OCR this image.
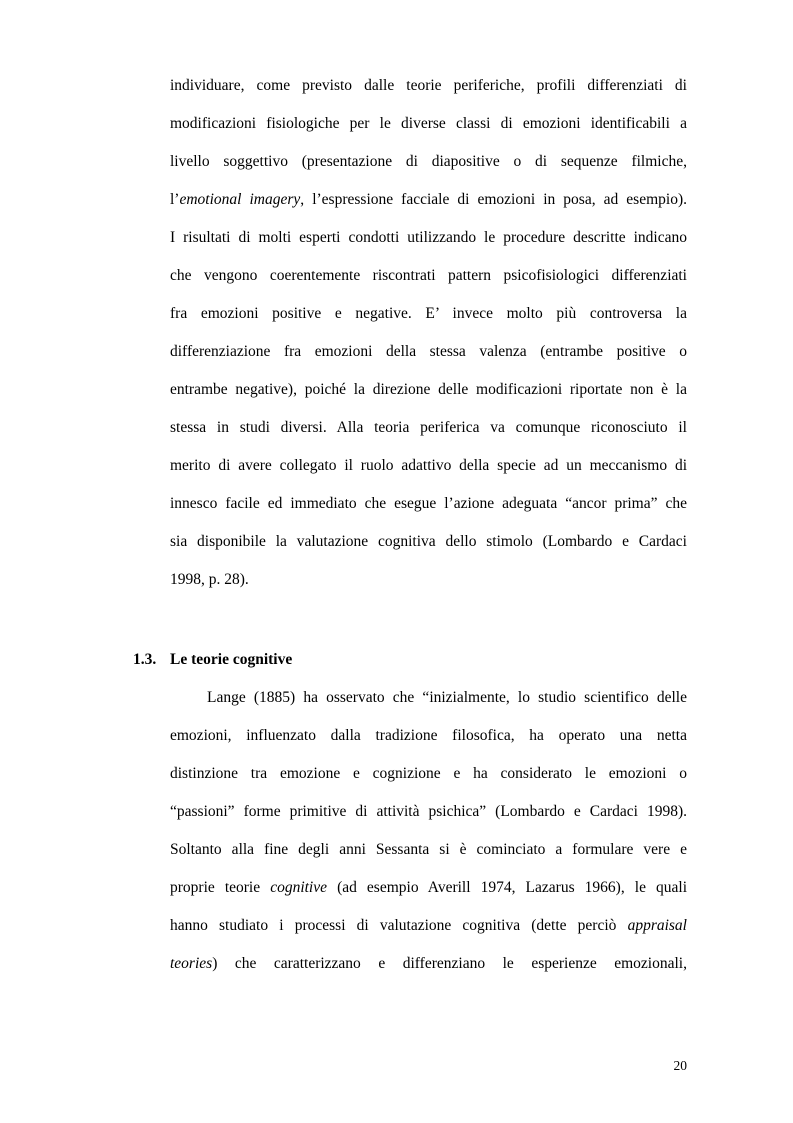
individuare, come previsto dalle teorie periferiche, profili differenziati di
modificazioni fisiologiche per le diverse classi di emozioni identificabili a
livello soggettivo (presentazione di diapositive o di sequenze filmiche,
l’emotional imagery, l’espressione facciale di emozioni in posa, ad esempio).
I risultati di molti esperti condotti utilizzando le procedure descritte indicano
che vengono coerentemente riscontrati pattern psicofisiologici differenziati
fra emozioni positive e negative. E’ invece molto più controversa la
differenziazione fra emozioni della stessa valenza (entrambe positive o
entrambe negative), poiché la direzione delle modificazioni riportate non è la
stessa in studi diversi. Alla teoria periferica va comunque riconosciuto il
merito di avere collegato il ruolo adattivo della specie ad un meccanismo di
innesco facile ed immediato che esegue l’azione adeguata “ancor prima” che
sia disponibile la valutazione cognitiva dello stimolo (Lombardo e Cardaci
1998, p. 28).
1.3. Le teorie cognitive
Lange (1885) ha osservato che “inizialmente, lo studio scientifico delle
emozioni, influenzato dalla tradizione filosofica, ha operato una netta
distinzione tra emozione e cognizione e ha considerato le emozioni o
“passioni” forme primitive di attività psichica” (Lombardo e Cardaci 1998).
Soltanto alla fine degli anni Sessanta si è cominciato a formulare vere e
proprie teorie cognitive (ad esempio Averill 1974, Lazarus 1966), le quali
hanno studiato i processi di valutazione cognitiva (dette perciò appraisal
teories) che caratterizzano e differenziano le esperienze emozionali,
20
